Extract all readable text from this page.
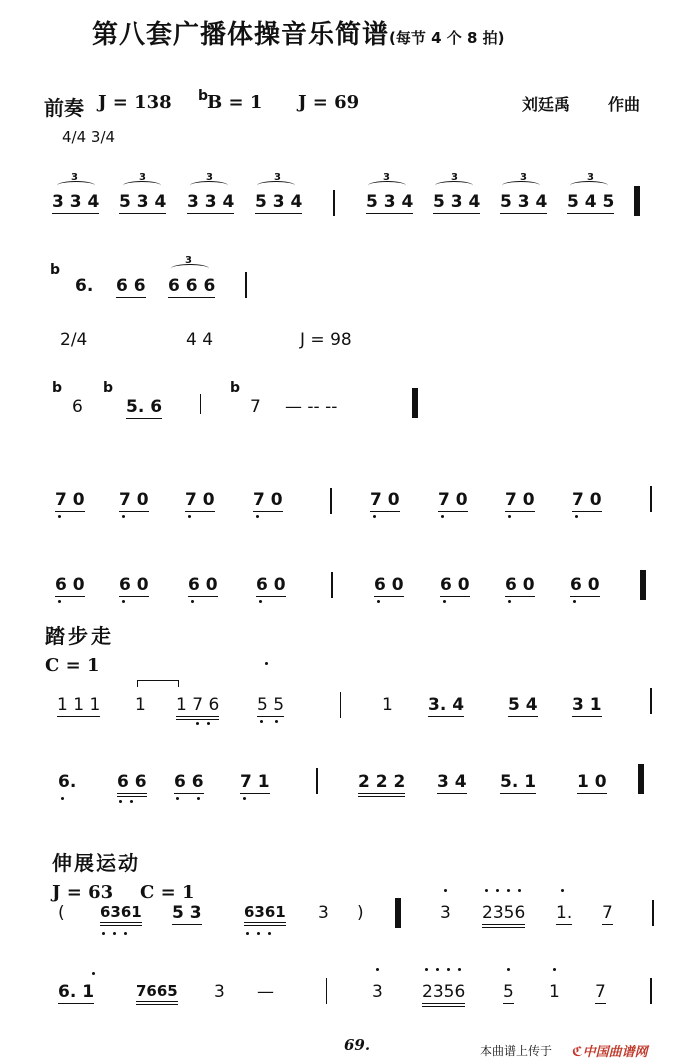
第八套广播体操音乐简谱(每节 4 个 8 拍)
前奏 J = 138 b
B = 1 J = 69	刘廷禹 作曲
4/4 3/4
3
3 3 4
3
5 3 4
3
3 3 4
3
5 3 4
3
5 3 4
3
5 3 4
3
5 3 4
3
5 4 5
b
6. 6 6
3
6 6 6
2/4	4 4	J = 98
b
6
b
5. 6
b
7 — -- --
7 0 7 0 7 0 7 0	7 0 7 0 7 0 7 0
6 0 6 0 6 0 6 0	6 0 6 0 6 0 6 0
踏步走
C = 1
1 1 1 1 1 7 6 5 5	1 3. 4	5 4 3 1
6. 6 6 6 6 7 1	2 2 2 3 4 5. 1 1 0
伸展运动
J = 63 C = 1
( 6361 5 3	6361 3 )	3 2356 1. 7
6. 1	7665 3 —	3 2356 5 1 7
69.	本曲谱上传于 ℭ中国曲谱网
